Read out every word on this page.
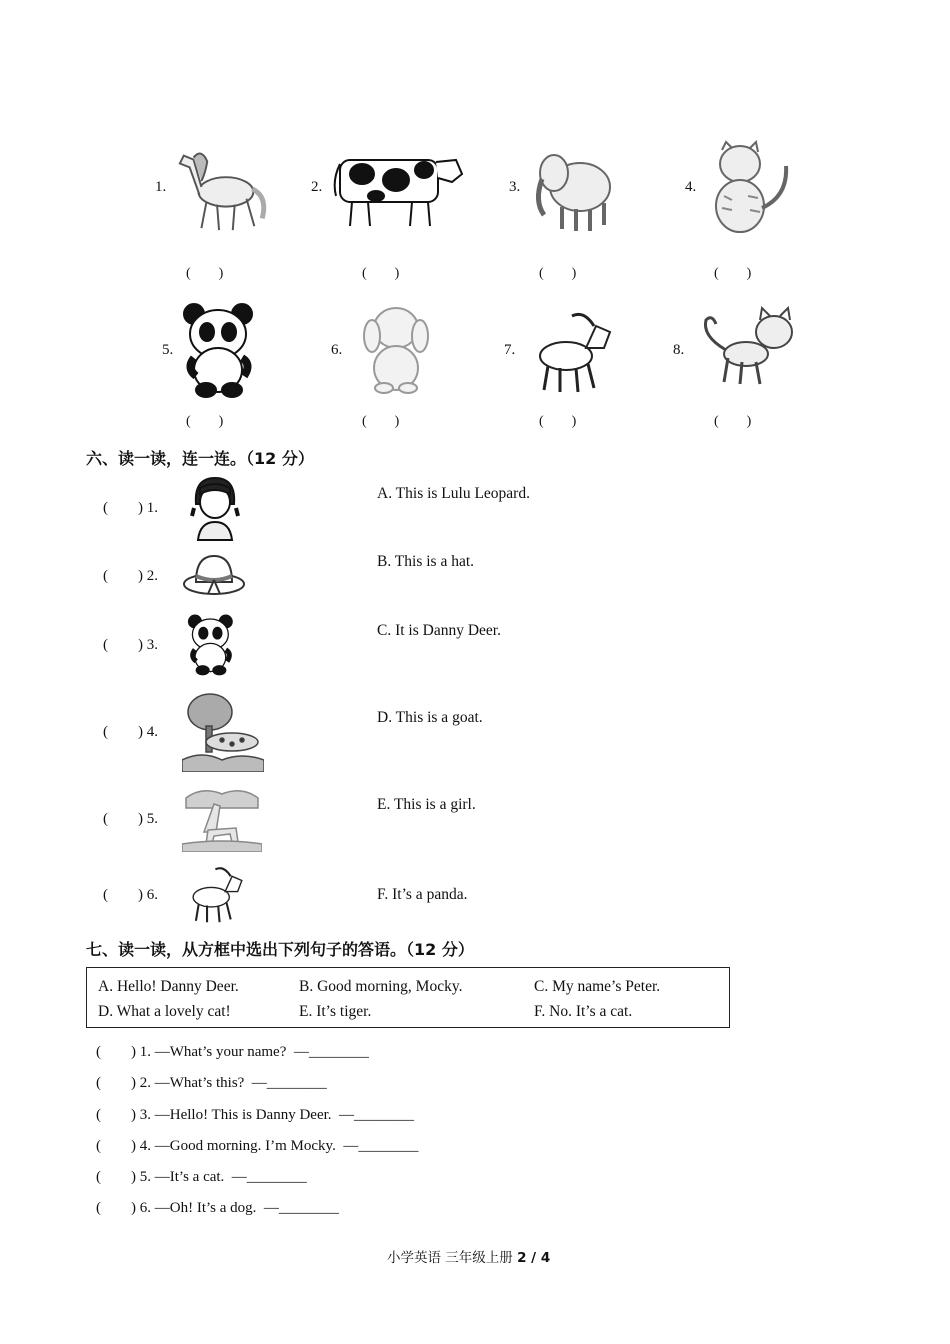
1.
(        )
2.
(        )
3.
(        )
4.
(        )
5.
(        )
6.
(        )
7.
(        )
8.
(        )
六、读一读，连一连。（12 分）
(        ) 1.
A. This is Lulu Leopard.
(        ) 2.
B. This is a hat.
(        ) 3.
C. It is Danny Deer.
(        ) 4.
D. This is a goat.
(        ) 5.
E. This is a girl.
(        ) 6.	F. It’s a panda.
七、读一读，从方框中选出下列句子的答语。（12 分）
A. Hello! Danny Deer.	B. Good morning, Mocky.	C. My name’s Peter.
D. What a lovely cat!	E. It’s tiger.	F. No. It’s a cat.
(        ) 1. —What’s your name?  —________
(        ) 2. —What’s this?  —________
(        ) 3. —Hello! This is Danny Deer.  —________
(        ) 4. —Good morning. I’m Mocky.  —________
(        ) 5. —It’s a cat.  —________
(        ) 6. —Oh! It’s a dog.  —________
小学英语 三年级上册 2 / 4
